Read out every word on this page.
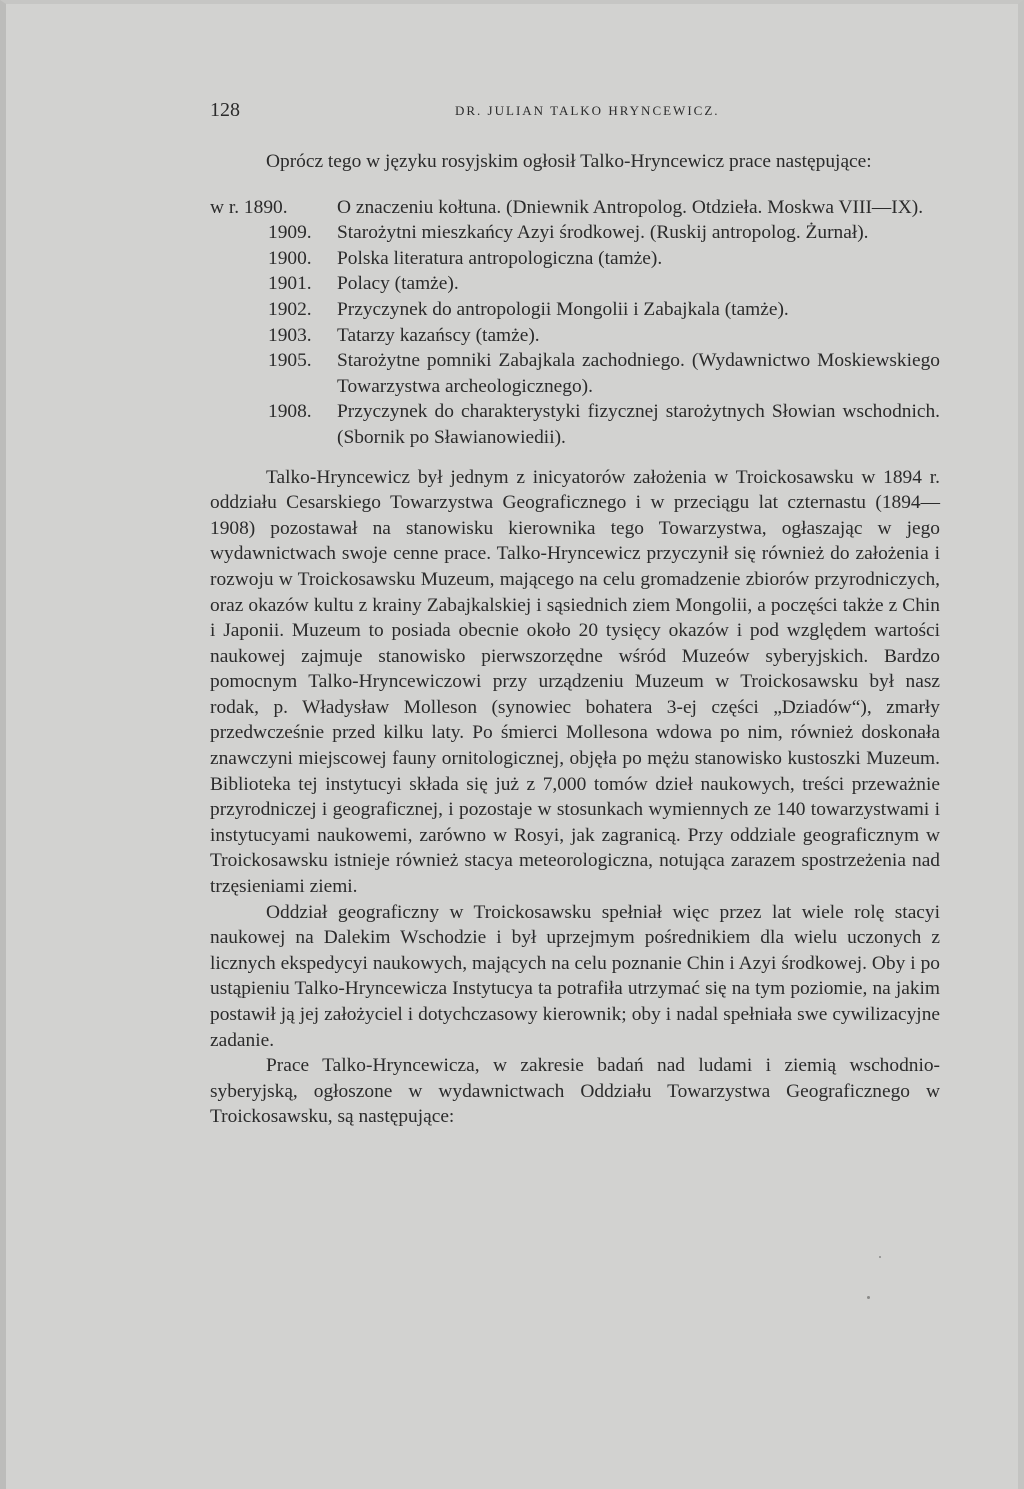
128	DR. JULIAN TALKO HRYNCEWICZ.

Oprócz tego w języku rosyjskim ogłosił Talko-Hryncewicz prace następujące:

w r. 1890.	O znaczeniu kołtuna. (Dniewnik Antropolog. Otdzieła. Moskwa VIII—IX).
1909.	Starożytni mieszkańcy Azyi środkowej. (Ruskij antropolog. Żurnał).
1900.	Polska literatura antropologiczna (tamże).
1901.	Polacy (tamże).
1902.	Przyczynek do antropologii Mongolii i Zabajkala (tamże).
1903.	Tatarzy kazańscy (tamże).
1905.	Starożytne pomniki Zabajkala zachodniego. (Wydawnictwo Moskiewskiego Towarzystwa archeologicznego).
1908.	Przyczynek do charakterystyki fizycznej starożytnych Słowian wschodnich. (Sbornik po Sławianowiedii).

Talko-Hryncewicz był jednym z inicyatorów założenia w Troickosawsku w 1894 r. oddziału Cesarskiego Towarzystwa Geograficznego i w przeciągu lat czternastu (1894—1908) pozostawał na stanowisku kierownika tego Towarzystwa, ogłaszając w jego wydawnictwach swoje cenne prace. Talko-Hryncewicz przyczynił się również do założenia i rozwoju w Troickosawsku Muzeum, mającego na celu gromadzenie zbiorów przyrodniczych, oraz okazów kultu z krainy Zabajkalskiej i sąsiednich ziem Mongolii, a poczęści także z Chin i Japonii. Muzeum to posiada obecnie około 20 tysięcy okazów i pod względem wartości naukowej zajmuje stanowisko pierwszorzędne wśród Muzeów syberyjskich. Bardzo pomocnym Talko-Hryncewiczowi przy urządzeniu Muzeum w Troickosawsku był nasz rodak, p. Władysław Molleson (synowiec bohatera 3-ej części „Dziadów“), zmarły przedwcześnie przed kilku laty. Po śmierci Mollesona wdowa po nim, również doskonała znawczyni miejscowej fauny ornitologicznej, objęła po mężu stanowisko kustoszki Muzeum. Biblioteka tej instytucyi składa się już z 7,000 tomów dzieł naukowych, treści przeważnie przyrodniczej i geograficznej, i pozostaje w stosunkach wymiennych ze 140 towarzystwami i instytucyami naukowemi, zarówno w Rosyi, jak zagranicą. Przy oddziale geograficznym w Troickosawsku istnieje również stacya meteorologiczna, notująca zarazem spostrzeżenia nad trzęsieniami ziemi.

Oddział geograficzny w Troickosawsku spełniał więc przez lat wiele rolę stacyi naukowej na Dalekim Wschodzie i był uprzejmym pośrednikiem dla wielu uczonych z licznych ekspedycyi naukowych, mających na celu poznanie Chin i Azyi środkowej. Oby i po ustąpieniu Talko-Hryncewicza Instytucya ta potrafiła utrzymać się na tym poziomie, na jakim postawił ją jej założyciel i dotychczasowy kierownik; oby i nadal spełniała swe cywilizacyjne zadanie.

Prace Talko-Hryncewicza, w zakresie badań nad ludami i ziemią wschodnio-syberyjską, ogłoszone w wydawnictwach Oddziału Towarzystwa Geograficznego w Troickosawsku, są następujące:
